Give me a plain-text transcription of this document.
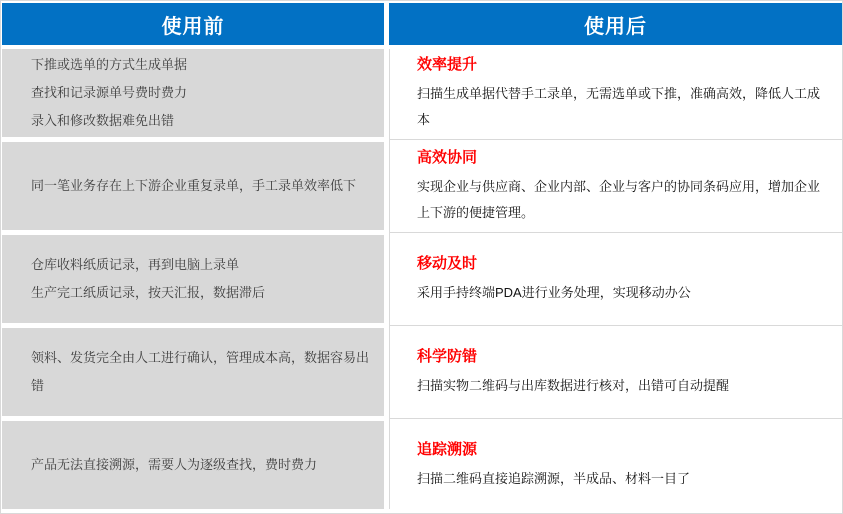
使用前
下推或选单的方式生成单据
查找和记录源单号费时费力
录入和修改数据难免出错
同一笔业务存在上下游企业重复录单，手工录单效率低下
仓库收料纸质记录，再到电脑上录单
生产完工纸质记录，按天汇报，数据滞后
领料、发货完全由人工进行确认，管理成本高，数据容易出错
产品无法直接溯源，需要人为逐级查找，费时费力
使用后
效率提升
扫描生成单据代替手工录单，无需选单或下推，准确高效，降低人工成本
高效协同
实现企业与供应商、企业内部、企业与客户的协同条码应用，增加企业上下游的便捷管理。
移动及时
采用手持终端PDA进行业务处理，实现移动办公
科学防错
扫描实物二维码与出库数据进行核对，出错可自动提醒
追踪溯源
扫描二维码直接追踪溯源，半成品、材料一目了
